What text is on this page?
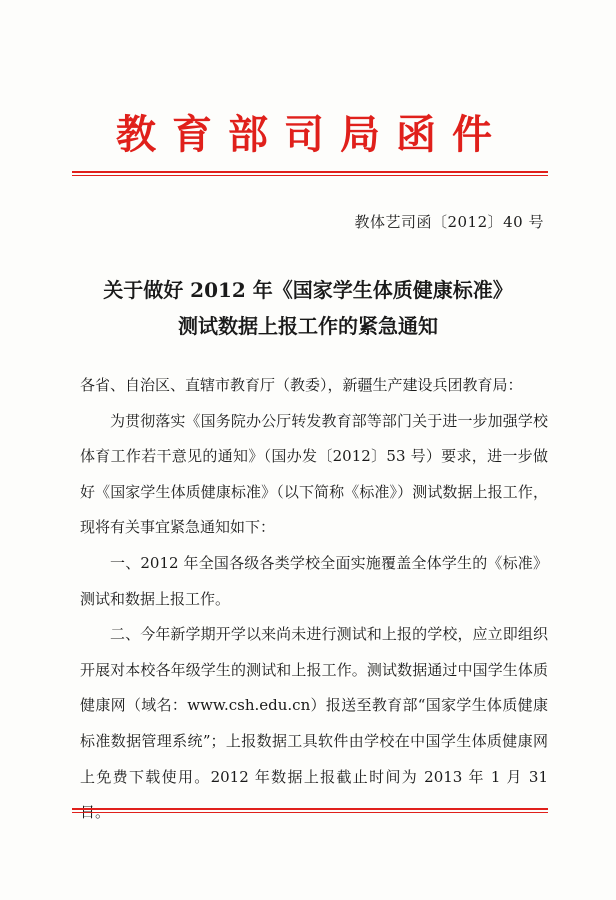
教育部司局函件
教体艺司函〔2012〕40 号
关于做好 2012 年《国家学生体质健康标准》
测试数据上报工作的紧急通知

各省、自治区、直辖市教育厅（教委），新疆生产建设兵团教育局：

为贯彻落实《国务院办公厅转发教育部等部门关于进一步加强学校体育工作若干意见的通知》（国办发〔2012〕53 号）要求，进一步做好《国家学生体质健康标准》（以下简称《标准》）测试数据上报工作，现将有关事宜紧急通知如下：

一、2012 年全国各级各类学校全面实施覆盖全体学生的《标准》测试和数据上报工作。

二、今年新学期开学以来尚未进行测试和上报的学校，应立即组织开展对本校各年级学生的测试和上报工作。测试数据通过中国学生体质健康网（域名：www.csh.edu.cn）报送至教育部“国家学生体质健康标准数据管理系统”；上报数据工具软件由学校在中国学生体质健康网上免费下载使用。2012 年数据上报截止时间为 2013 年 1 月 31 日。
